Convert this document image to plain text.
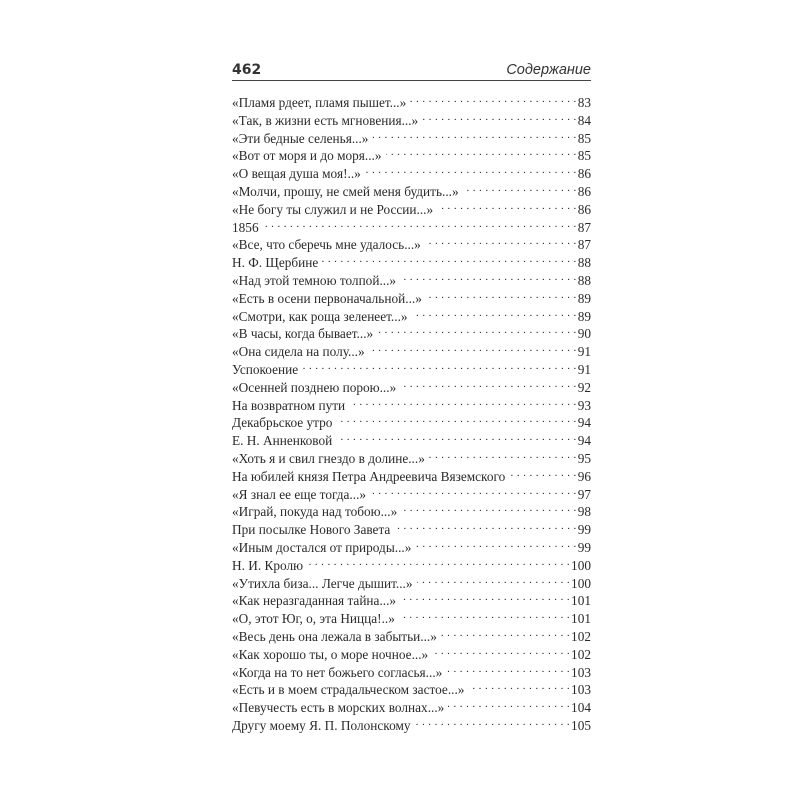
462	Содержание
«Пламя рдеет, пламя пышет...» . . .	83
«Так, в жизни есть мгновения...» . . .	84
«Эти бедные селенья...» . . .	85
«Вот от моря и до моря...» . . .	85
«О вещая душа моя!..» . . .	86
«Молчи, прошу, не смей меня будить...» . . .	86
«Не богу ты служил и не России...» . . .	86
1856 . . .	87
«Все, что сберечь мне удалось...» . . .	87
Н. Ф. Щербине . . .	88
«Над этой темною толпой...» . . .	88
«Есть в осени первоначальной...» . . .	89
«Смотри, как роща зеленеет...» . . .	89
«В часы, когда бывает...» . . .	90
«Она сидела на полу...» . . .	91
Успокоение . . .	91
«Осенней позднею порою...» . . .	92
На возвратном пути . . .	93
Декабрьское утро . . .	94
Е. Н. Анненковой . . .	94
«Хоть я и свил гнездо в долине...» . . .	95
На юбилей князя Петра Андреевича Вяземского . . .	96
«Я знал ее еще тогда...» . . .	97
«Играй, покуда над тобою...» . . .	98
При посылке Нового Завета . . .	99
«Иным достался от природы...» . . .	99
Н. И. Кролю . . .	100
«Утихла биза... Легче дышит...» . . .	100
«Как неразгаданная тайна...» . . .	101
«О, этот Юг, о, эта Ницца!..» . . .	101
«Весь день она лежала в забытьи...» . . .	102
«Как хорошо ты, о море ночное...» . . .	102
«Когда на то нет божьего согласья...» . . .	103
«Есть и в моем страдальческом застое...» . . .	103
«Певучесть есть в морских волнах...» . . .	104
Другу моему Я. П. Полонскому . . .	105
